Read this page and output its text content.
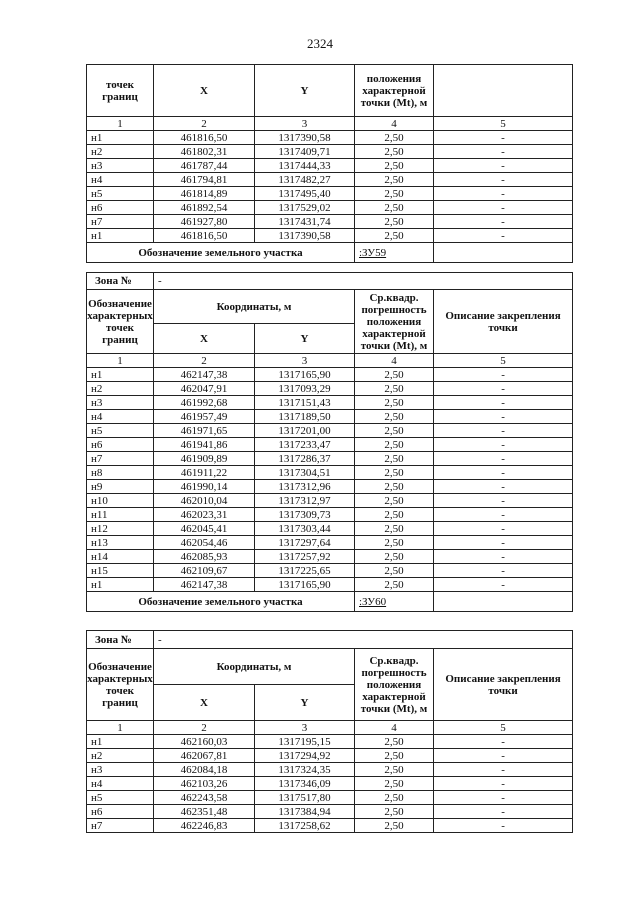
2324
точек границ	X	Y	положения характерной точки (Мt), м	
1	2	3	4	5
н1	461816,50	1317390,58	2,50	-
н2	461802,31	1317409,71	2,50	-
н3	461787,44	1317444,33	2,50	-
н4	461794,81	1317482,27	2,50	-
н5	461814,89	1317495,40	2,50	-
н6	461892,54	1317529,02	2,50	-
н7	461927,80	1317431,74	2,50	-
н1	461816,50	1317390,58	2,50	-
Обозначение земельного участка			:ЗУ59	
Зона №	-			
Обозначение характерных точек границ	Координаты, м		Ср.квадр. погрешность положения характерной точки (Мt), м	Описание закрепления точки
	X	Y		
1	2	3	4	5
н1	462147,38	1317165,90	2,50	-
н2	462047,91	1317093,29	2,50	-
н3	461992,68	1317151,43	2,50	-
н4	461957,49	1317189,50	2,50	-
н5	461971,65	1317201,00	2,50	-
н6	461941,86	1317233,47	2,50	-
н7	461909,89	1317286,37	2,50	-
н8	461911,22	1317304,51	2,50	-
н9	461990,14	1317312,96	2,50	-
н10	462010,04	1317312,97	2,50	-
н11	462023,31	1317309,73	2,50	-
н12	462045,41	1317303,44	2,50	-
н13	462054,46	1317297,64	2,50	-
н14	462085,93	1317257,92	2,50	-
н15	462109,67	1317225,65	2,50	-
н1	462147,38	1317165,90	2,50	-
Обозначение земельного участка			:ЗУ60	
Зона №	-			
Обозначение характерных точек границ	Координаты, м		Ср.квадр. погрешность положения характерной точки (Мt), м	Описание закрепления точки
	X	Y		
1	2	3	4	5
н1	462160,03	1317195,15	2,50	-
н2	462067,81	1317294,92	2,50	-
н3	462084,18	1317324,35	2,50	-
н4	462103,26	1317346,09	2,50	-
н5	462243,58	1317517,80	2,50	-
н6	462351,48	1317384,94	2,50	-
н7	462246,83	1317258,62	2,50	-
